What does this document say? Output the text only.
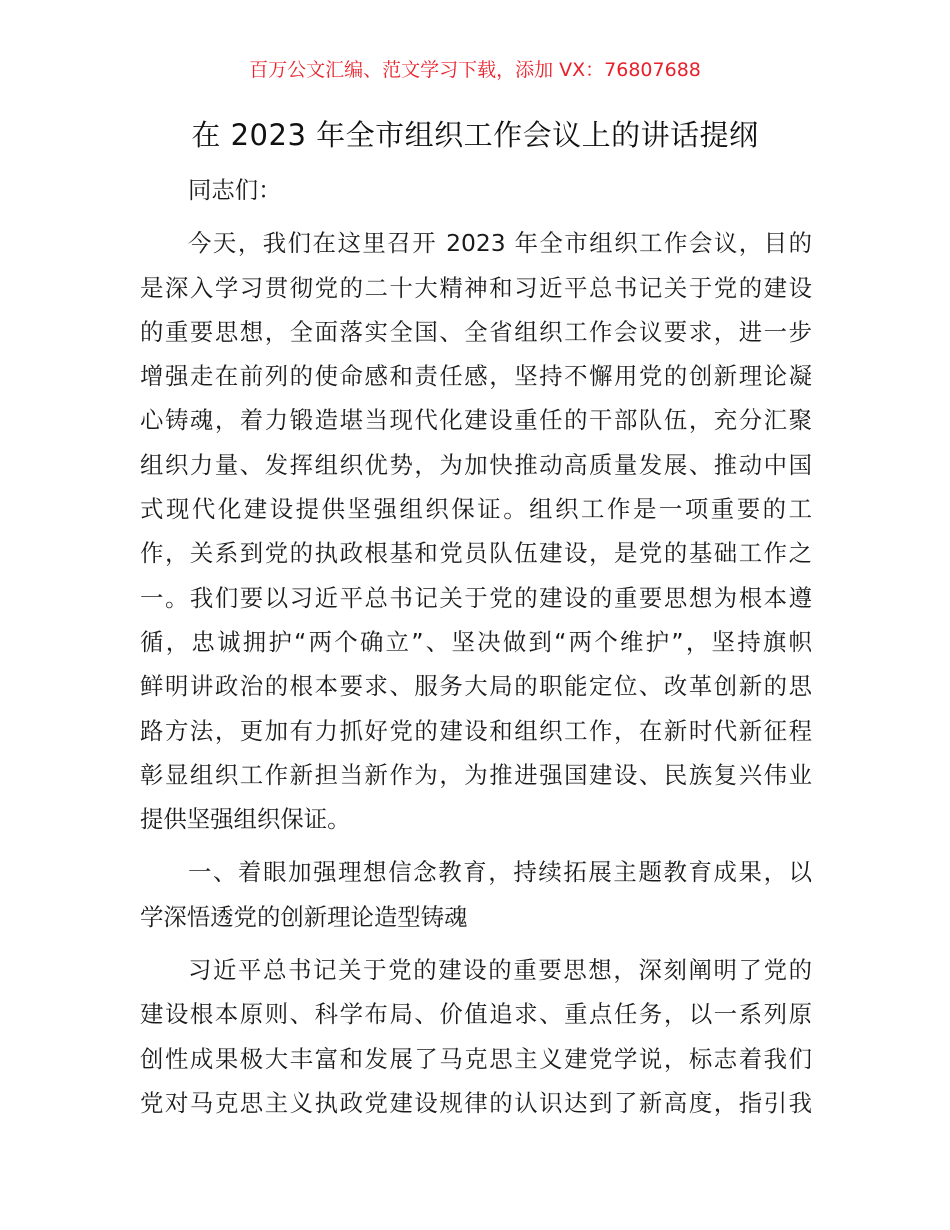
百万公文汇编、范文学习下载，添加 VX：76807688
在 2023 年全市组织工作会议上的讲话提纲
同志们：
今天，我们在这里召开 2023 年全市组织工作会议，目的
是深入学习贯彻党的二十大精神和习近平总书记关于党的建设
的重要思想，全面落实全国、全省组织工作会议要求，进一步
增强走在前列的使命感和责任感，坚持不懈用党的创新理论凝
心铸魂，着力锻造堪当现代化建设重任的干部队伍，充分汇聚
组织力量、发挥组织优势，为加快推动高质量发展、推动中国
式现代化建设提供坚强组织保证。组织工作是一项重要的工
作，关系到党的执政根基和党员队伍建设，是党的基础工作之
一。我们要以习近平总书记关于党的建设的重要思想为根本遵
循，忠诚拥护“两个确立”、坚决做到“两个维护”，坚持旗帜
鲜明讲政治的根本要求、服务大局的职能定位、改革创新的思
路方法，更加有力抓好党的建设和组织工作，在新时代新征程
彰显组织工作新担当新作为，为推进强国建设、民族复兴伟业
提供坚强组织保证。
一、着眼加强理想信念教育，持续拓展主题教育成果，以
学深悟透党的创新理论造型铸魂
习近平总书记关于党的建设的重要思想，深刻阐明了党的
建设根本原则、科学布局、价值追求、重点任务，以一系列原
创性成果极大丰富和发展了马克思主义建党学说，标志着我们
党对马克思主义执政党建设规律的认识达到了新高度，指引我
